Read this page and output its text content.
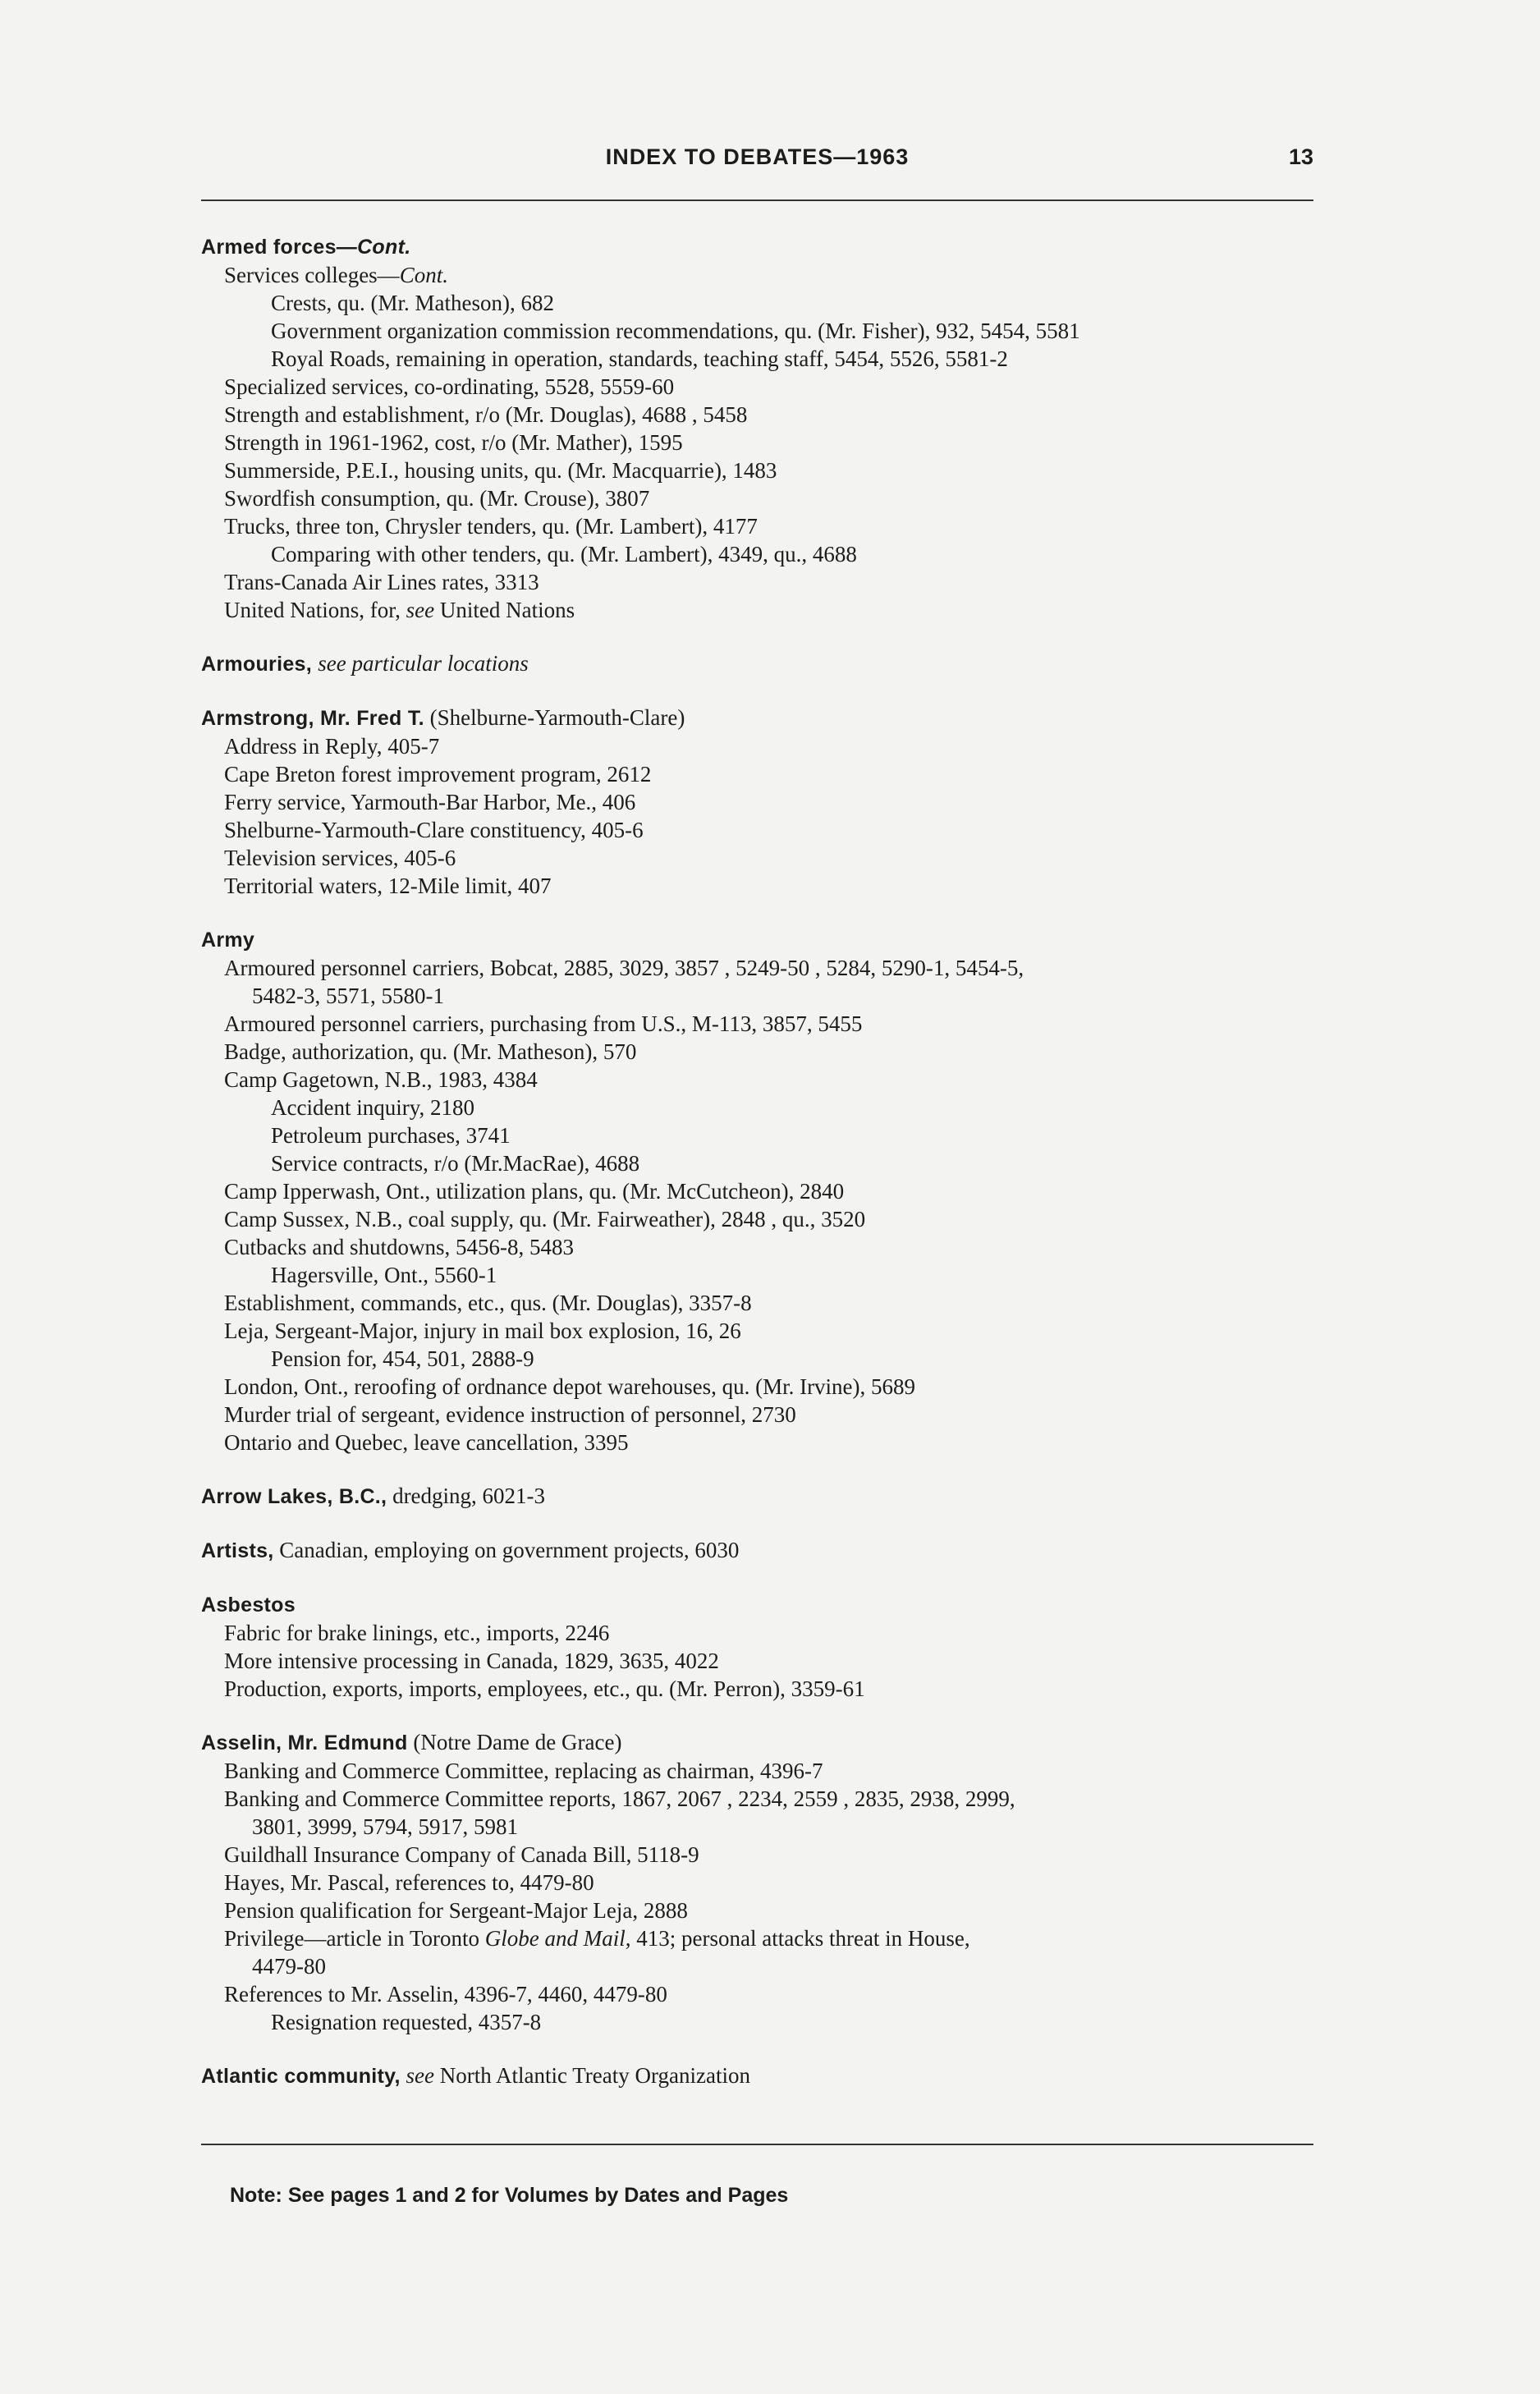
INDEX TO DEBATES—1963	13
Armed forces—Cont.
Services colleges—Cont.
Crests, qu. (Mr. Matheson), 682
Government organization commission recommendations, qu. (Mr. Fisher), 932, 5454, 5581
Royal Roads, remaining in operation, standards, teaching staff, 5454, 5526, 5581-2
Specialized services, co-ordinating, 5528, 5559-60
Strength and establishment, r/o (Mr. Douglas), 4688 , 5458
Strength in 1961-1962, cost, r/o (Mr. Mather), 1595
Summerside, P.E.I., housing units, qu. (Mr. Macquarrie), 1483
Swordfish consumption, qu. (Mr. Crouse), 3807
Trucks, three ton, Chrysler tenders, qu. (Mr. Lambert), 4177
Comparing with other tenders, qu. (Mr. Lambert), 4349, qu., 4688
Trans-Canada Air Lines rates, 3313
United Nations, for, see United Nations
Armouries, see particular locations
Armstrong, Mr. Fred T. (Shelburne-Yarmouth-Clare)
Address in Reply, 405-7
Cape Breton forest improvement program, 2612
Ferry service, Yarmouth-Bar Harbor, Me., 406
Shelburne-Yarmouth-Clare constituency, 405-6
Television services, 405-6
Territorial waters, 12-Mile limit, 407
Army
Armoured personnel carriers, Bobcat, 2885, 3029, 3857 , 5249-50 , 5284, 5290-1, 5454-5,
5482-3, 5571, 5580-1
Armoured personnel carriers, purchasing from U.S., M-113, 3857, 5455
Badge, authorization, qu. (Mr. Matheson), 570
Camp Gagetown, N.B., 1983, 4384
Accident inquiry, 2180
Petroleum purchases, 3741
Service contracts, r/o (Mr.MacRae), 4688
Camp Ipperwash, Ont., utilization plans, qu. (Mr. McCutcheon), 2840
Camp Sussex, N.B., coal supply, qu. (Mr. Fairweather), 2848 , qu., 3520
Cutbacks and shutdowns, 5456-8, 5483
Hagersville, Ont., 5560-1
Establishment, commands, etc., qus. (Mr. Douglas), 3357-8
Leja, Sergeant-Major, injury in mail box explosion, 16, 26
Pension for, 454, 501, 2888-9
London, Ont., reroofing of ordnance depot warehouses, qu. (Mr. Irvine), 5689
Murder trial of sergeant, evidence instruction of personnel, 2730
Ontario and Quebec, leave cancellation, 3395
Arrow Lakes, B.C., dredging, 6021-3
Artists, Canadian, employing on government projects, 6030
Asbestos
Fabric for brake linings, etc., imports, 2246
More intensive processing in Canada, 1829, 3635, 4022
Production, exports, imports, employees, etc., qu. (Mr. Perron), 3359-61
Asselin, Mr. Edmund (Notre Dame de Grace)
Banking and Commerce Committee, replacing as chairman, 4396-7
Banking and Commerce Committee reports, 1867, 2067 , 2234, 2559 , 2835, 2938, 2999,
3801, 3999, 5794, 5917, 5981
Guildhall Insurance Company of Canada Bill, 5118-9
Hayes, Mr. Pascal, references to, 4479-80
Pension qualification for Sergeant-Major Leja, 2888
Privilege—article in Toronto Globe and Mail, 413; personal attacks threat in House,
4479-80
References to Mr. Asselin, 4396-7, 4460, 4479-80
Resignation requested, 4357-8
Atlantic community, see North Atlantic Treaty Organization
Note: See pages 1 and 2 for Volumes by Dates and Pages
